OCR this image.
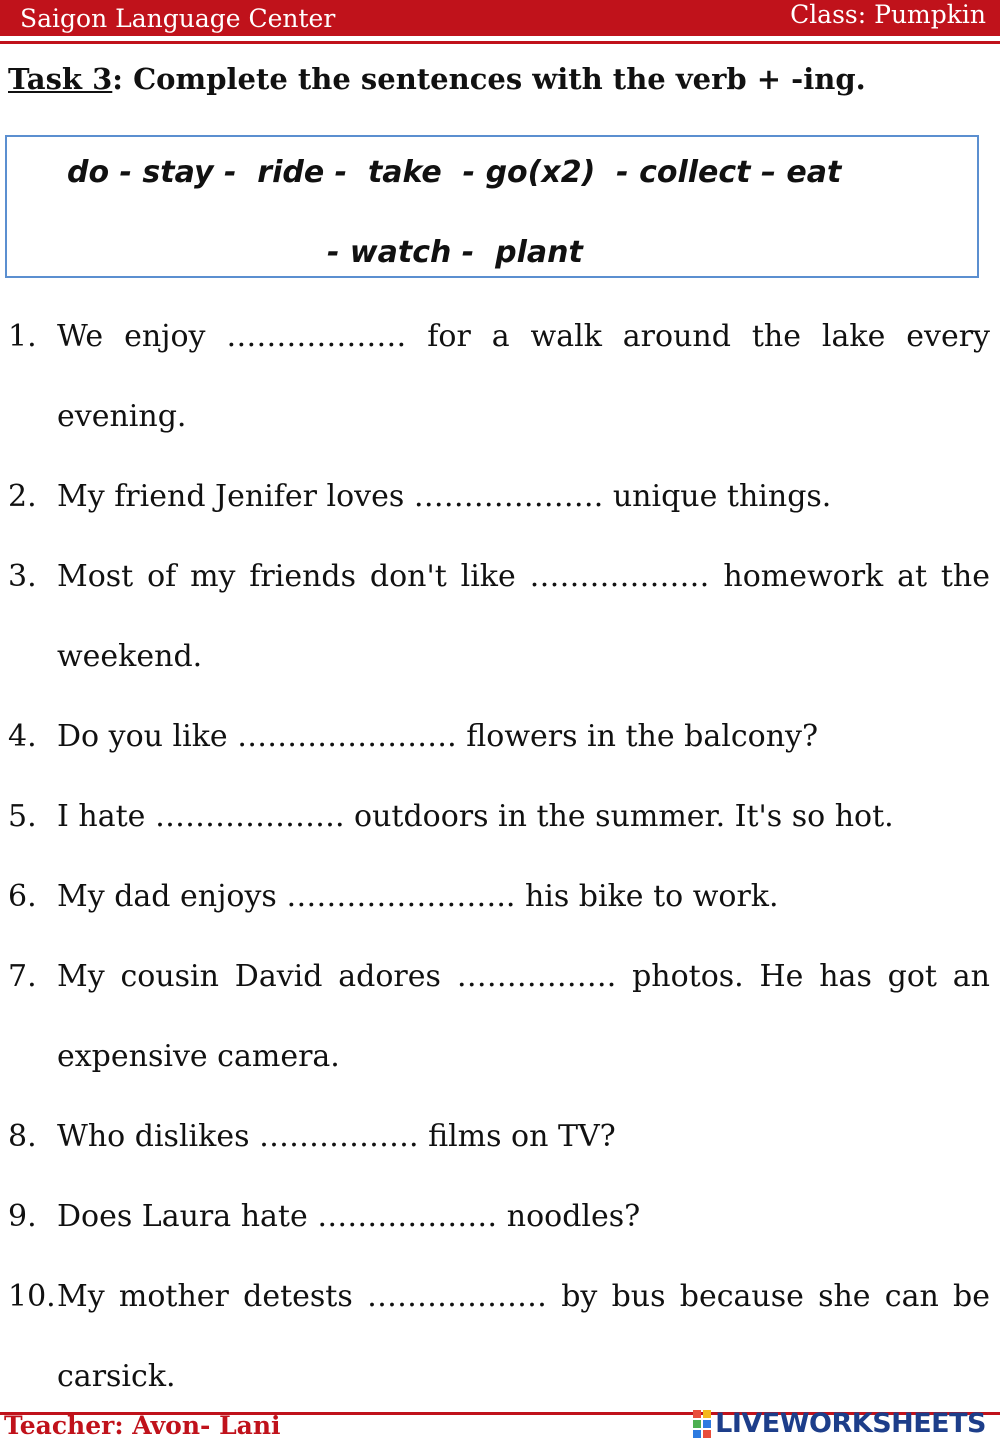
Saigon Language Center	Class: Pumpkin
Task 3: Complete the sentences with the verb + -ing.
do - stay -  ride -  take  - go(x2)  - collect – eat
- watch -  plant
1. We enjoy ……………… for a walk around the lake every evening.
2. My friend Jenifer loves ………………. unique things.
3. Most of my friends don't like ……………… homework at the weekend.
4. Do you like …………………. flowers in the balcony?
5. I hate ………………. outdoors in the summer. It's so hot.
6. My dad enjoys ………………….. his bike to work.
7. My cousin David adores ……………. photos. He has got an expensive camera.
8. Who dislikes ……………. films on TV?
9. Does Laura hate ……………… noodles?
10. My mother detests ……………… by bus because she can be carsick.
Teacher: Avon- Lani	LIVEWORKSHEETS
